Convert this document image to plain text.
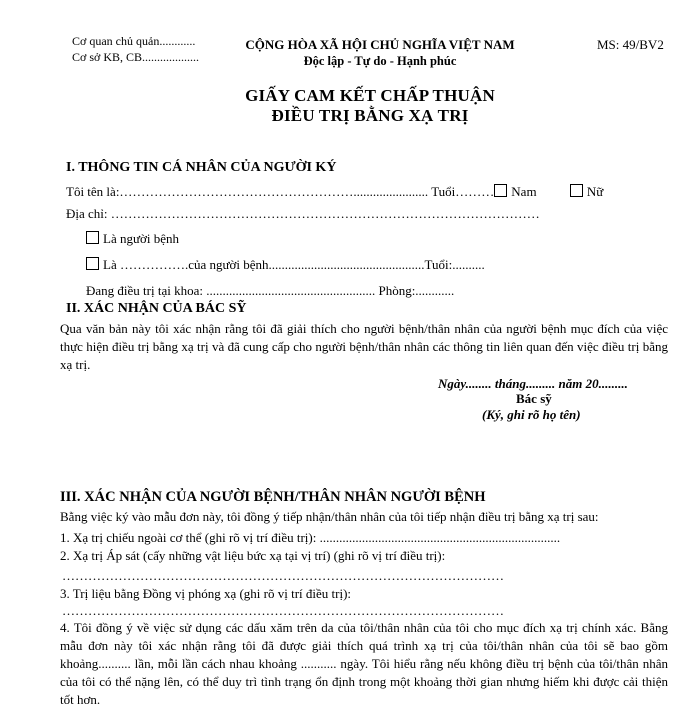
Cơ quan chủ quản............
Cơ sở KB, CB...................
CỘNG HÒA XÃ HỘI CHỦ NGHĨA VIỆT NAM
Độc lập - Tự do - Hạnh phúc
MS: 49/BV2
GIẤY CAM KẾT CHẤP THUẬN
ĐIỀU TRỊ BẰNG XẠ TRỊ
I. THÔNG TIN CÁ NHÂN CỦA NGƯỜI KÝ
Tôi tên là:………………………………………………....................... Tuổi……… Nam	Nữ
Địa chỉ: ………………………………………………………………………………………
Là người bệnh
Là …………….của người bệnh................................................Tuổi:..........
Đang điều trị tại khoa: .................................................... Phòng:............
II. XÁC NHẬN CỦA BÁC SỸ
Qua văn bản này tôi xác nhận rằng tôi đã giải thích cho người bệnh/thân nhân của người bệnh mục đích của việc thực hiện điều trị bằng xạ trị và đã cung cấp cho người bệnh/thân nhân các thông tin liên quan đến việc điều trị bằng xạ trị.
Ngày........ tháng......... năm 20.........
Bác sỹ
(Ký, ghi rõ họ tên)
III. XÁC NHẬN CỦA NGƯỜI BỆNH/THÂN NHÂN NGƯỜI BỆNH
Bằng việc ký vào mẫu đơn này, tôi đồng ý tiếp nhận/thân nhân của tôi tiếp nhận điều trị bằng xạ trị sau:
1. Xạ trị chiếu ngoài cơ thể (ghi rõ vị trí điều trị): ..........................................................................
2. Xạ trị Áp sát (cấy những vật liệu bức xạ tại vị trí) (ghi rõ vị trí điều trị):
…………………………………………………………………………………………
3. Trị liệu bằng Đồng vị phóng xạ (ghi rõ vị trí điều trị):
…………………………………………………………………………………………
4. Tôi đồng ý về việc sử dụng các dấu xăm trên da của tôi/thân nhân của tôi cho mục đích xạ trị chính xác. Bằng mẫu đơn này tôi xác nhận rằng tôi đã được giải thích quá trình xạ trị của tôi/thân nhân của tôi sẽ bao gồm khoảng.......... lần, mỗi lần cách nhau khoảng ........... ngày. Tôi hiểu rằng nếu không điều trị bệnh của tôi/thân nhân của tôi có thể nặng lên, có thể duy trì tình trạng ổn định trong một khoảng thời gian nhưng hiếm khi được cải thiện tốt hơn.
